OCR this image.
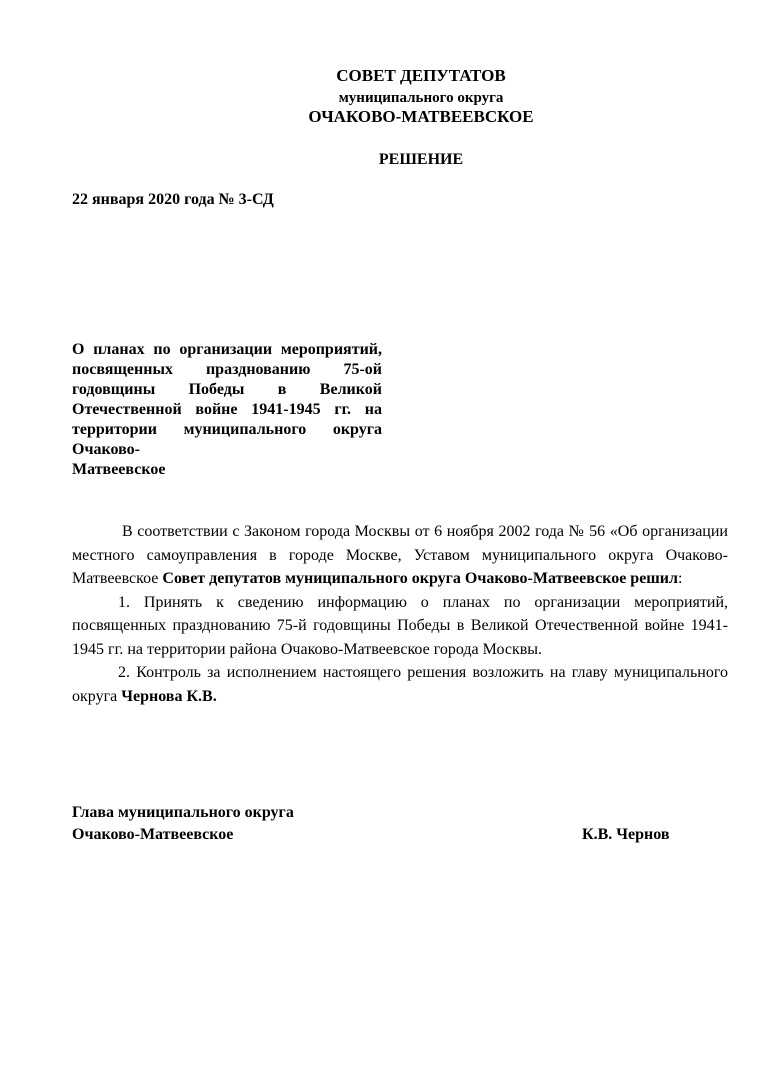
СОВЕТ ДЕПУТАТОВ
муниципального округа
ОЧАКОВО-МАТВЕЕВСКОЕ
РЕШЕНИЕ
22 января 2020 года № 3-СД
О планах по организации мероприятий, посвященных празднованию 75-ой годовщины Победы в Великой Отечественной войне 1941-1945 гг. на территории муниципального округа Очаково-
Матвеевское

В соответствии с Законом города Москвы от 6 ноября 2002 года № 56 «Об организации местного самоуправления в городе Москве, Уставом муниципального округа Очаково-Матвеевское Совет депутатов муниципального округа Очаково-Матвеевское решил:

1. Принять к сведению информацию о планах по организации мероприятий, посвященных празднованию 75-й годовщины Победы в Великой Отечественной войне 1941-1945 гг. на территории района Очаково-Матвеевское города Москвы.

2. Контроль за исполнением настоящего решения возложить на главу муниципального округа Чернова К.В.

Глава муниципального округа
Очаково-Матвеевское	К.В. Чернов
